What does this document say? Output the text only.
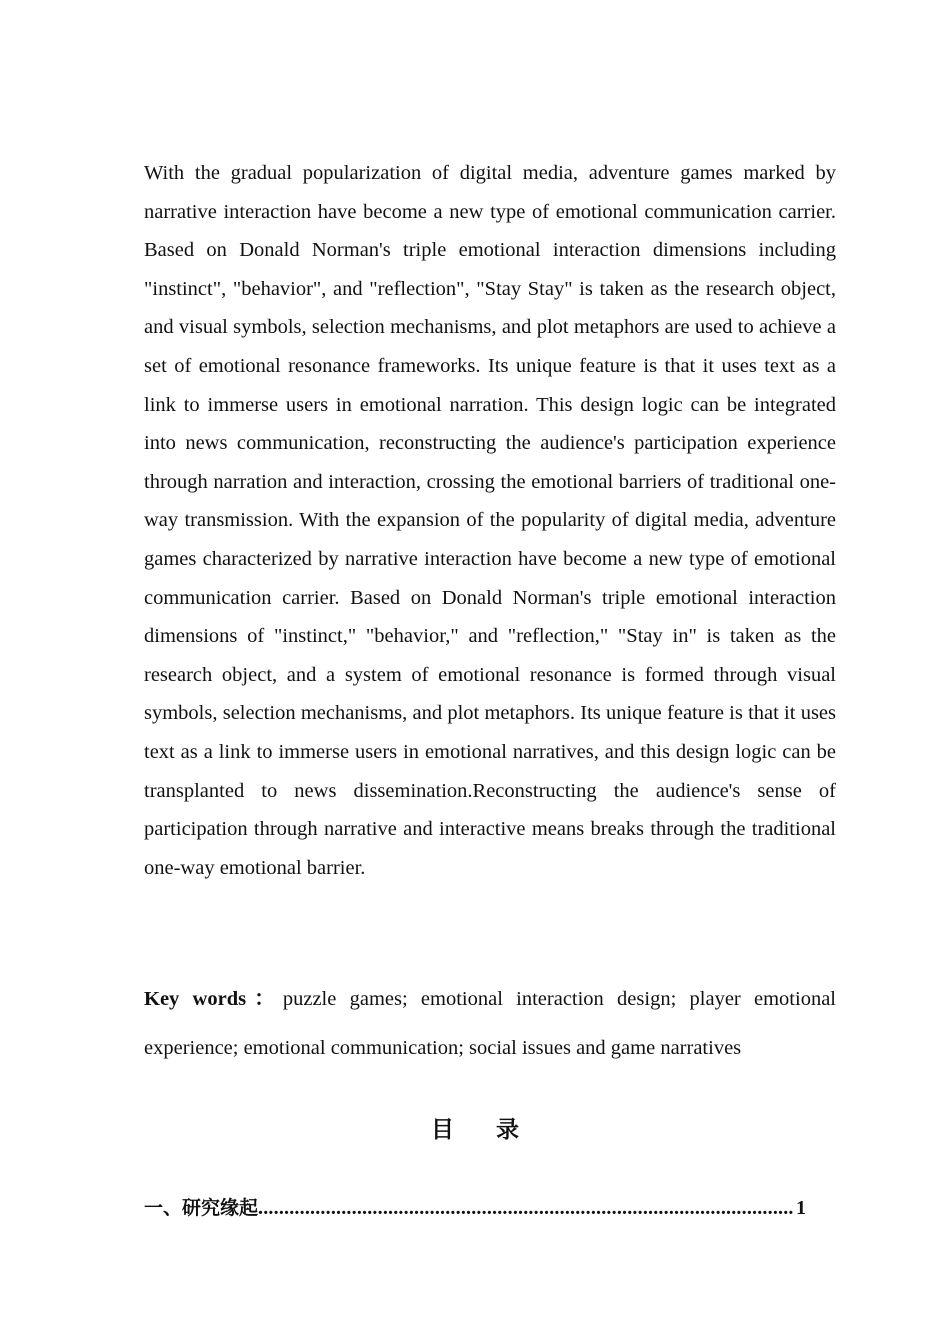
With the gradual popularization of digital media, adventure games marked by narrative interaction have become a new type of emotional communication carrier. Based on Donald Norman's triple emotional interaction dimensions including "instinct", "behavior", and "reflection", "Stay Stay" is taken as the research object, and visual symbols, selection mechanisms, and plot metaphors are used to achieve a set of emotional resonance frameworks. Its unique feature is that it uses text as a link to immerse users in emotional narration. This design logic can be integrated into news communication, reconstructing the audience's participation experience through narration and interaction, crossing the emotional barriers of traditional one-way transmission. With the expansion of the popularity of digital media, adventure games characterized by narrative interaction have become a new type of emotional communication carrier. Based on Donald Norman's triple emotional interaction dimensions of "instinct," "behavior," and "reflection," "Stay in" is taken as the research object, and a system of emotional resonance is formed through visual symbols, selection mechanisms, and plot metaphors. Its unique feature is that it uses text as a link to immerse users in emotional narratives, and this design logic can be transplanted to news dissemination.Reconstructing the audience's sense of participation through narrative and interactive means breaks through the traditional one-way emotional barrier.

Key words：puzzle games; emotional interaction design; player emotional experience; emotional communication; social issues and game narratives

目 录
一、研究缘起
.....	1
